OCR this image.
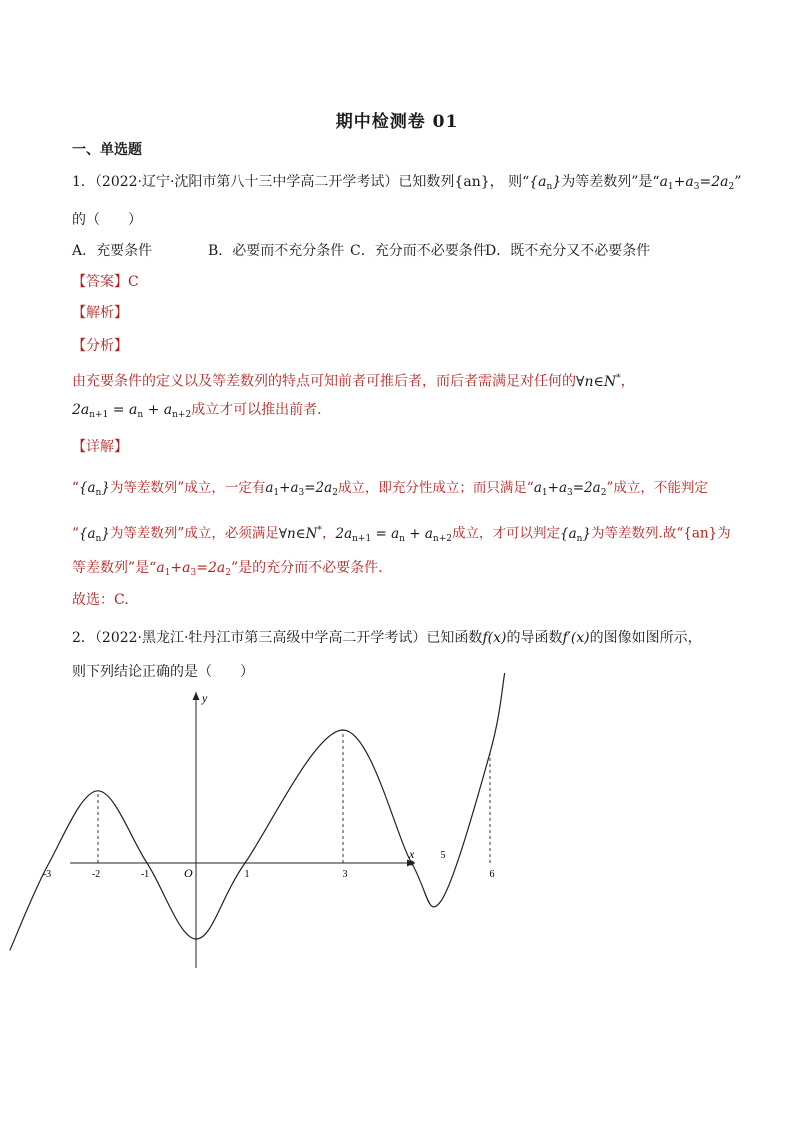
期中检测卷 01
一、单选题
1．（2022·辽宁·沈阳市第八十三中学高二开学考试）已知数列{an}， 则“$\{a_n\}$为等差数列”是“$a_1+a_3=2a_2$”
的（　　）
A．充要条件	B．必要而不充分条件 C．充分而不必要条件
D．既不充分又不必要条件
【答案】C
【解析】
【分析】
由充要条件的定义以及等差数列的特点可知前者可推后者，而后者需满足对任何的∀n∈N*，
$2a_{n+1} = a_n + a_{n+2}$成立才可以推出前者.
【详解】
“$\{a_n\}$为等差数列”成立，一定有$a_1+a_3=2a_2$成立，即充分性成立；而只满足“$a_1+a_3=2a_2$”成立，不能判定
“$\{a_n\}$为等差数列”成立，必须满足∀n∈N*，$2a_{n+1} = a_n + a_{n+2}$成立，才可以判定$\{a_n\}$为等差数列.故“{an}为
等差数列”是“$a_1+a_3=2a_2$”是的充分而不必要条件.
故选：C.
2．（2022·黑龙江·牡丹江市第三高级中学高二开学考试）已知函数f(x)的导函数f′(x)的图像如图所示，
则下列结论正确的是（　　）
x
y
O
-3	-2	-1	1	3
5
6
